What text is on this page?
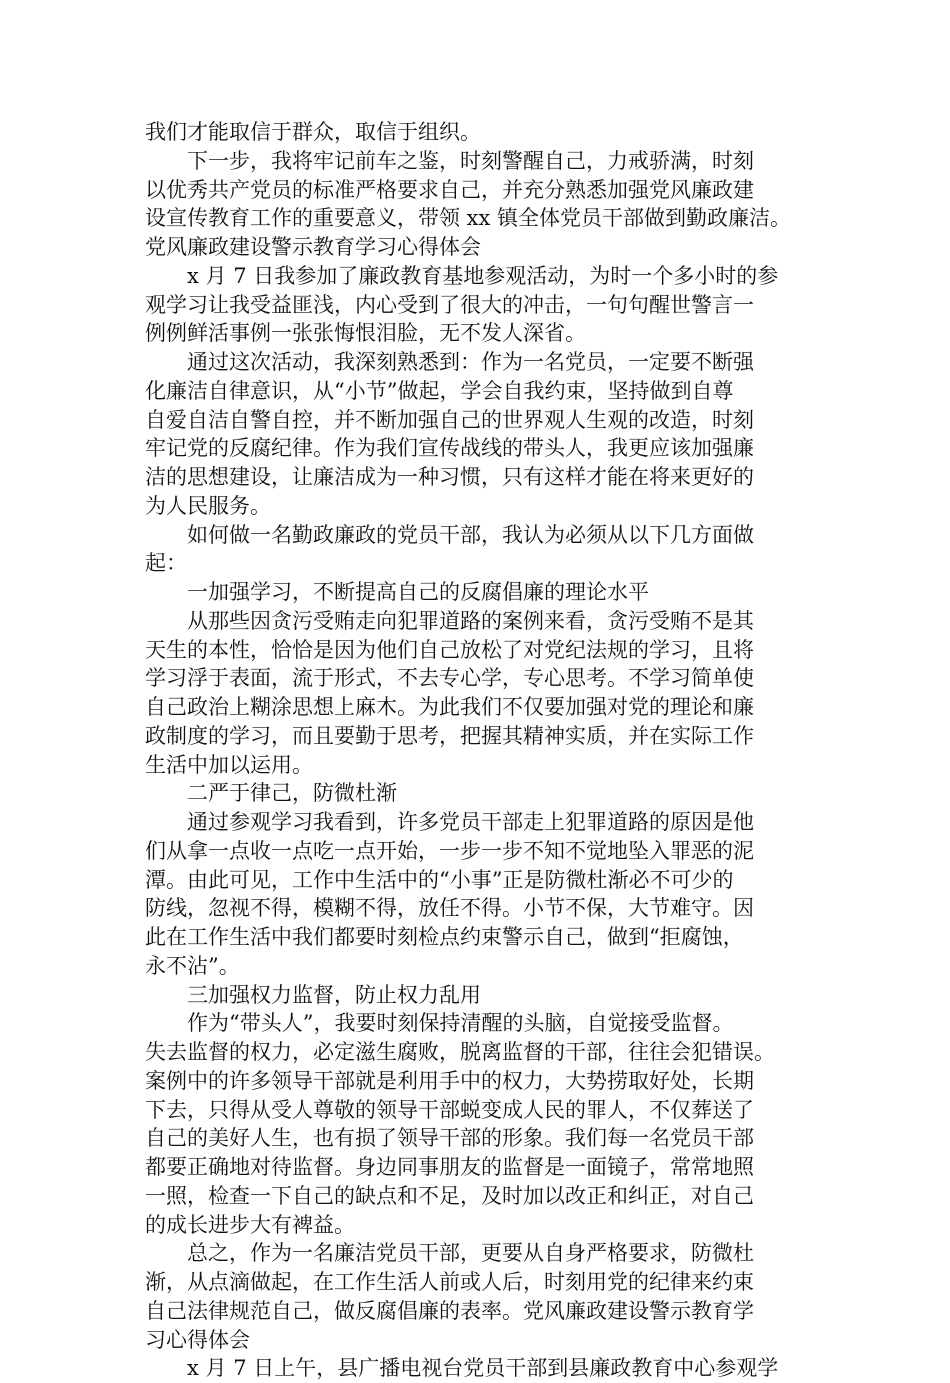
我们才能取信于群众，取信于组织。
下一步，我将牢记前车之鉴，时刻警醒自己，力戒骄满，时刻
以优秀共产党员的标准严格要求自己，并充分熟悉加强党风廉政建
设宣传教育工作的重要意义，带领 xx 镇全体党员干部做到勤政廉洁。
党风廉政建设警示教育学习心得体会
x 月 7 日我参加了廉政教育基地参观活动，为时一个多小时的参
观学习让我受益匪浅，内心受到了很大的冲击，一句句醒世警言一
例例鲜活事例一张张悔恨泪脸，无不发人深省。
通过这次活动，我深刻熟悉到：作为一名党员，一定要不断强
化廉洁自律意识，从“小节”做起，学会自我约束，坚持做到自尊
自爱自洁自警自控，并不断加强自己的世界观人生观的改造，时刻
牢记党的反腐纪律。作为我们宣传战线的带头人，我更应该加强廉
洁的思想建设，让廉洁成为一种习惯，只有这样才能在将来更好的
为人民服务。
如何做一名勤政廉政的党员干部，我认为必须从以下几方面做
起：
一加强学习，不断提高自己的反腐倡廉的理论水平
从那些因贪污受贿走向犯罪道路的案例来看，贪污受贿不是其
天生的本性，恰恰是因为他们自己放松了对党纪法规的学习，且将
学习浮于表面，流于形式，不去专心学，专心思考。不学习简单使
自己政治上糊涂思想上麻木。为此我们不仅要加强对党的理论和廉
政制度的学习，而且要勤于思考，把握其精神实质，并在实际工作
生活中加以运用。
二严于律己，防微杜渐
通过参观学习我看到，许多党员干部走上犯罪道路的原因是他
们从拿一点收一点吃一点开始，一步一步不知不觉地坠入罪恶的泥
潭。由此可见，工作中生活中的“小事”正是防微杜渐必不可少的
防线，忽视不得，模糊不得，放任不得。小节不保，大节难守。因
此在工作生活中我们都要时刻检点约束警示自己，做到“拒腐蚀，
永不沾”。
三加强权力监督，防止权力乱用
作为“带头人”，我要时刻保持清醒的头脑，自觉接受监督。
失去监督的权力，必定滋生腐败，脱离监督的干部，往往会犯错误。
案例中的许多领导干部就是利用手中的权力，大势捞取好处，长期
下去，只得从受人尊敬的领导干部蜕变成人民的罪人，不仅葬送了
自己的美好人生，也有损了领导干部的形象。我们每一名党员干部
都要正确地对待监督。身边同事朋友的监督是一面镜子，常常地照
一照，检查一下自己的缺点和不足，及时加以改正和纠正，对自己
的成长进步大有裨益。
总之，作为一名廉洁党员干部，更要从自身严格要求，防微杜
渐，从点滴做起，在工作生活人前或人后，时刻用党的纪律来约束
自己法律规范自己，做反腐倡廉的表率。党风廉政建设警示教育学
习心得体会
x 月 7 日上午，县广播电视台党员干部到县廉政教育中心参观学
